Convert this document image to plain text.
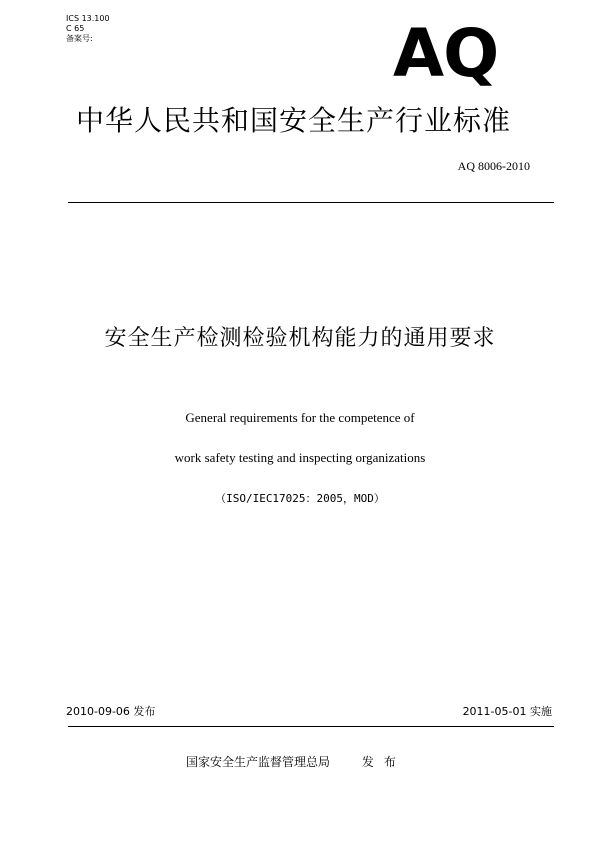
ICS 13.100
C 65
备案号:	AQ
中华人民共和国安全生产行业标准
AQ 8006-2010
安全生产检测检验机构能力的通用要求
General requirements for the competence of
work safety testing and inspecting organizations
（ISO/IEC17025：2005，MOD）
2010-09-06 发布	2011-05-01 实施
国家安全生产监督管理总局	发布
